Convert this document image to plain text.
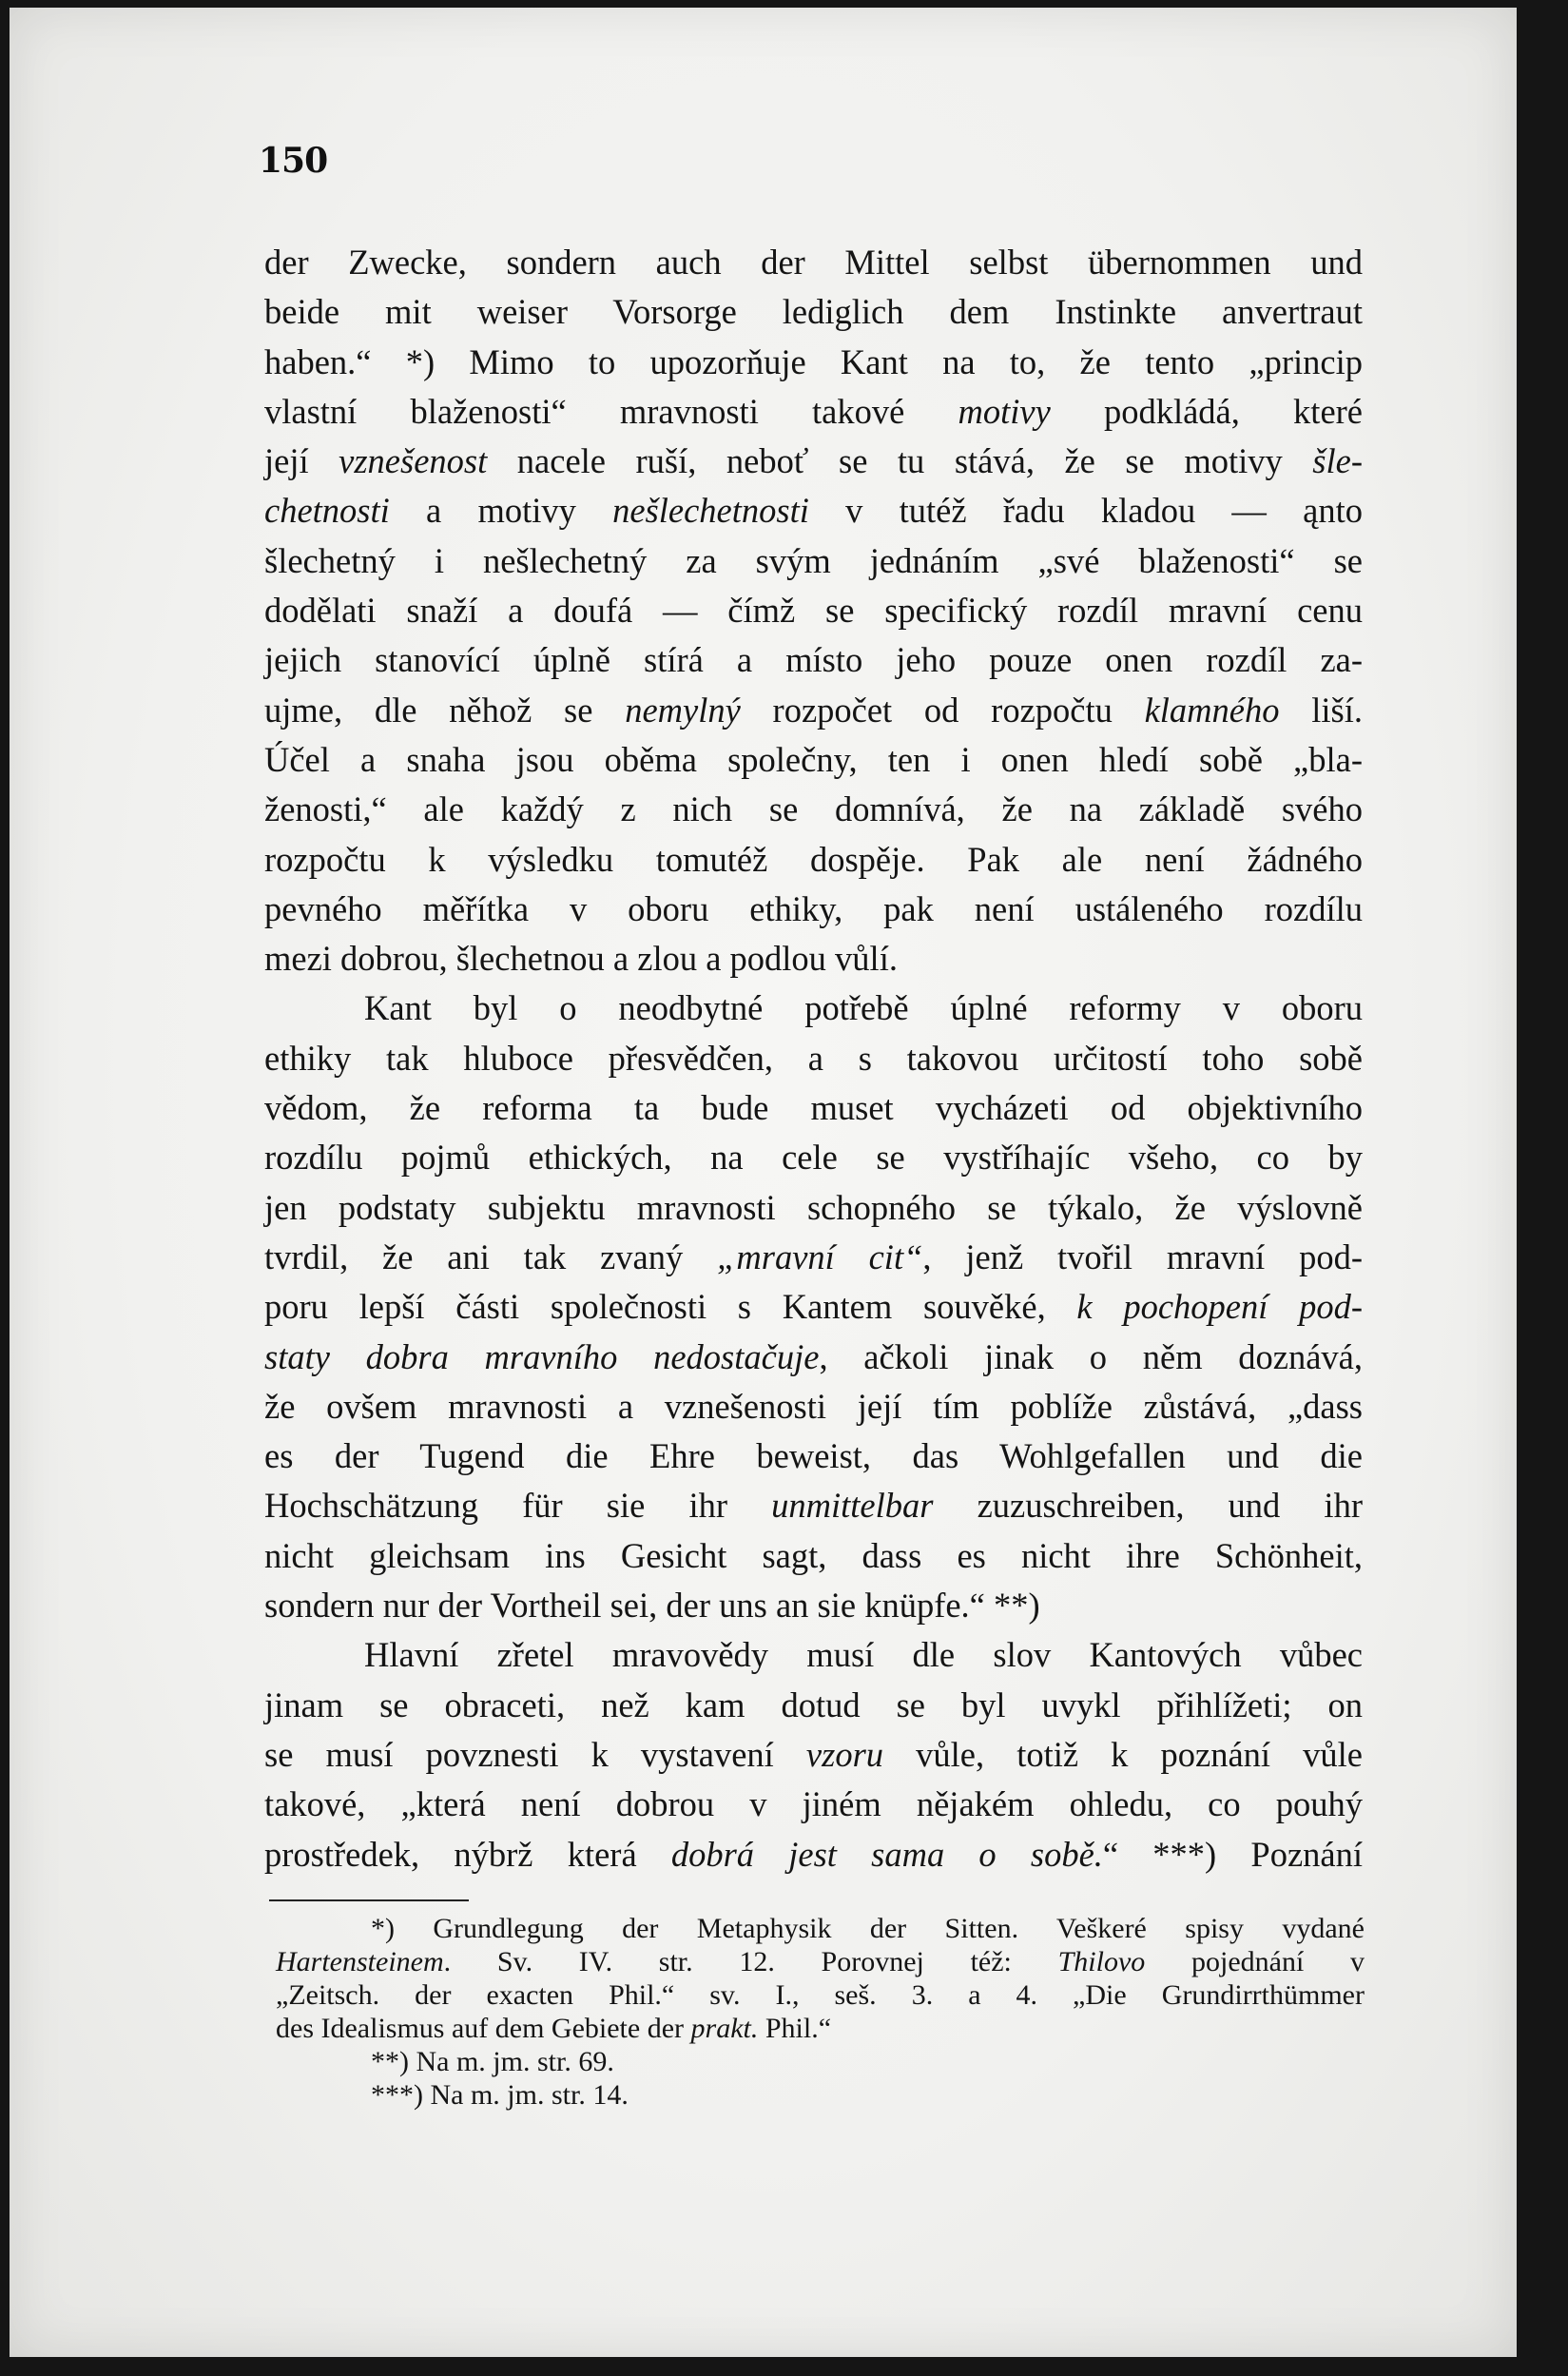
150
der Zwecke, sondern auch der Mittel selbst übernommen und
beide mit weiser Vorsorge lediglich dem Instinkte anvertraut
haben.“ *) Mimo to upozorňuje Kant na to, že tento „princip
vlastní blaženosti“ mravnosti takové motivy podkládá, které
její vznešenost nacele ruší, neboť se tu stává, že se motivy šle-
chetnosti a motivy nešlechetnosti v tutéž řadu kladou — ąnto
šlechetný i nešlechetný za svým jednáním „své blaženosti“ se
dodělati snaží a doufá — čímž se specifický rozdíl mravní cenu
jejich stanovící úplně stírá a místo jeho pouze onen rozdíl za-
ujme, dle něhož se nemylný rozpočet od rozpočtu klamného liší.
Účel a snaha jsou oběma společny, ten i onen hledí sobě „bla-
ženosti,“ ale každý z nich se domnívá, že na základě svého
rozpočtu k výsledku tomutéž dospěje. Pak ale není žádného
pevného měřítka v oboru ethiky, pak není ustáleného rozdílu
mezi dobrou, šlechetnou a zlou a podlou vůlí.
Kant byl o neodbytné potřebě úplné reformy v oboru
ethiky tak hluboce přesvědčen, a s takovou určitostí toho sobě
vědom, že reforma ta bude muset vycházeti od objektivního
rozdílu pojmů ethických, na cele se vystříhajíc všeho, co by
jen podstaty subjektu mravnosti schopného se týkalo, že výslovně
tvrdil, že ani tak zvaný „mravní cit“, jenž tvořil mravní pod-
poru lepší části společnosti s Kantem souvěké, k pochopení pod-
staty dobra mravního nedostačuje, ačkoli jinak o něm doznává,
že ovšem mravnosti a vznešenosti její tím poblíže zůstává, „dass
es der Tugend die Ehre beweist, das Wohlgefallen und die
Hochschätzung für sie ihr unmittelbar zuzuschreiben, und ihr
nicht gleichsam ins Gesicht sagt, dass es nicht ihre Schönheit,
sondern nur der Vortheil sei, der uns an sie knüpfe.“ **)
Hlavní zřetel mravovědy musí dle slov Kantových vůbec
jinam se obraceti, než kam dotud se byl uvykl přihlížeti; on
se musí povznesti k vystavení vzoru vůle, totiž k poznání vůle
takové, „která není dobrou v jiném nějakém ohledu, co pouhý
prostředek, nýbrž která dobrá jest sama o sobě.“ ***) Poznání
*) Grundlegung der Metaphysik der Sitten. Veškeré spisy vydané
Hartensteinem. Sv. IV. str. 12. Porovnej též: Thilovo pojednání v
„Zeitsch. der exacten Phil.“ sv. I., seš. 3. a 4. „Die Grundirrthümmer
des Idealismus auf dem Gebiete der prakt. Phil.“
**) Na m. jm. str. 69.
***) Na m. jm. str. 14.
